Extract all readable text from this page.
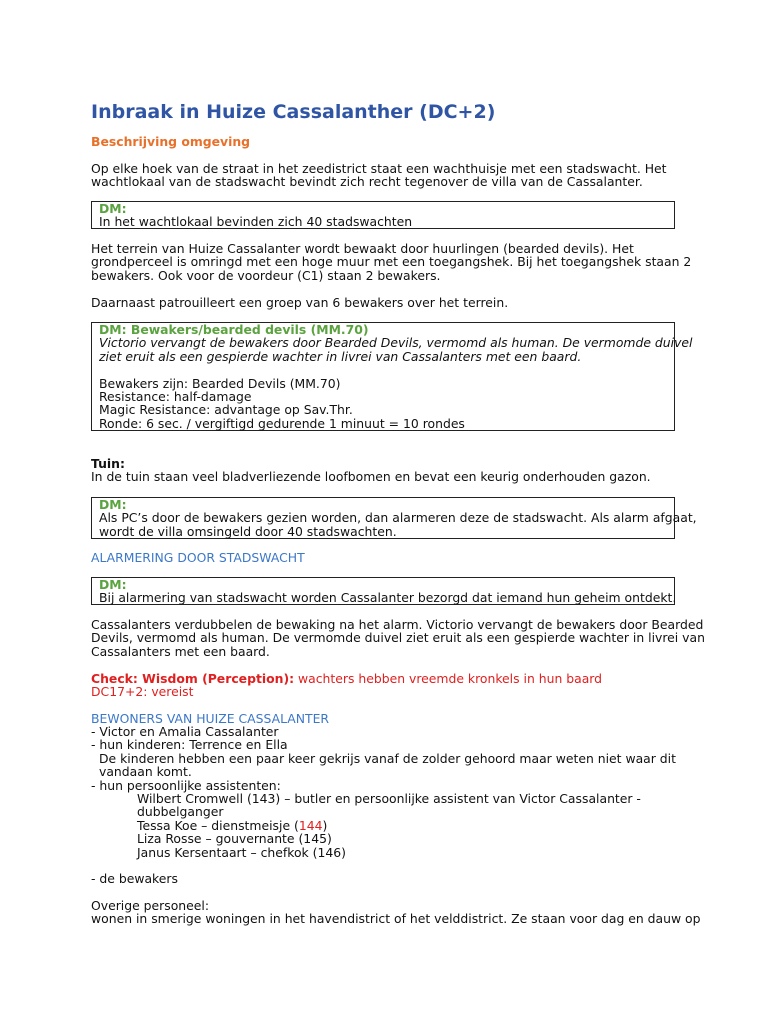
Inbraak in Huize Cassalanther (DC+2)
Beschrijving omgeving
Op elke hoek van de straat in het zeedistrict staat een wachthuisje met een stadswacht. Het
wachtlokaal van de stadswacht bevindt zich recht tegenover de villa van de Cassalanter.
DM:
In het wachtlokaal bevinden zich 40 stadswachten
Het terrein van Huize Cassalanter wordt bewaakt door huurlingen (bearded devils). Het
grondperceel is omringd met een hoge muur met een toegangshek. Bij het toegangshek staan 2
bewakers. Ook voor de voordeur (C1) staan 2 bewakers.
Daarnaast patrouilleert een groep van 6 bewakers over het terrein.
DM: Bewakers/bearded devils (MM.70)
Victorio vervangt de bewakers door Bearded Devils, vermomd als human. De vermomde duivel
ziet eruit als een gespierde wachter in livrei van Cassalanters met een baard.

Bewakers zijn: Bearded Devils (MM.70)
Resistance: half-damage
Magic Resistance: advantage op Sav.Thr.
Ronde: 6 sec. / vergiftigd gedurende 1 minuut = 10 rondes
Tuin:
In de tuin staan veel bladverliezende loofbomen en bevat een keurig onderhouden gazon.
DM:
Als PC’s door de bewakers gezien worden, dan alarmeren deze de stadswacht. Als alarm afgaat,
wordt de villa omsingeld door 40 stadswachten.
ALARMERING DOOR STADSWACHT
DM:
Bij alarmering van stadswacht worden Cassalanter bezorgd dat iemand hun geheim ontdekt.
Cassalanters verdubbelen de bewaking na het alarm. Victorio vervangt de bewakers door Bearded
Devils, vermomd als human. De vermomde duivel ziet eruit als een gespierde wachter in livrei van
Cassalanters met een baard.
Check: Wisdom (Perception): wachters hebben vreemde kronkels in hun baard
DC17+2: vereist
BEWONERS VAN HUIZE CASSALANTER
- Victor en Amalia Cassalanter
- hun kinderen: Terrence en Ella
De kinderen hebben een paar keer gekrijs vanaf de zolder gehoord maar weten niet waar dit
vandaan komt.
- hun persoonlijke assistenten:
Wilbert Cromwell (143) – butler en persoonlijke assistent van Victor Cassalanter -
dubbelganger
Tessa Koe – dienstmeisje (144)
Liza Rosse – gouvernante (145)
Janus Kersentaart – chefkok (146)

- de bewakers
Overige personeel:
wonen in smerige woningen in het havendistrict of het velddistrict. Ze staan voor dag en dauw op
